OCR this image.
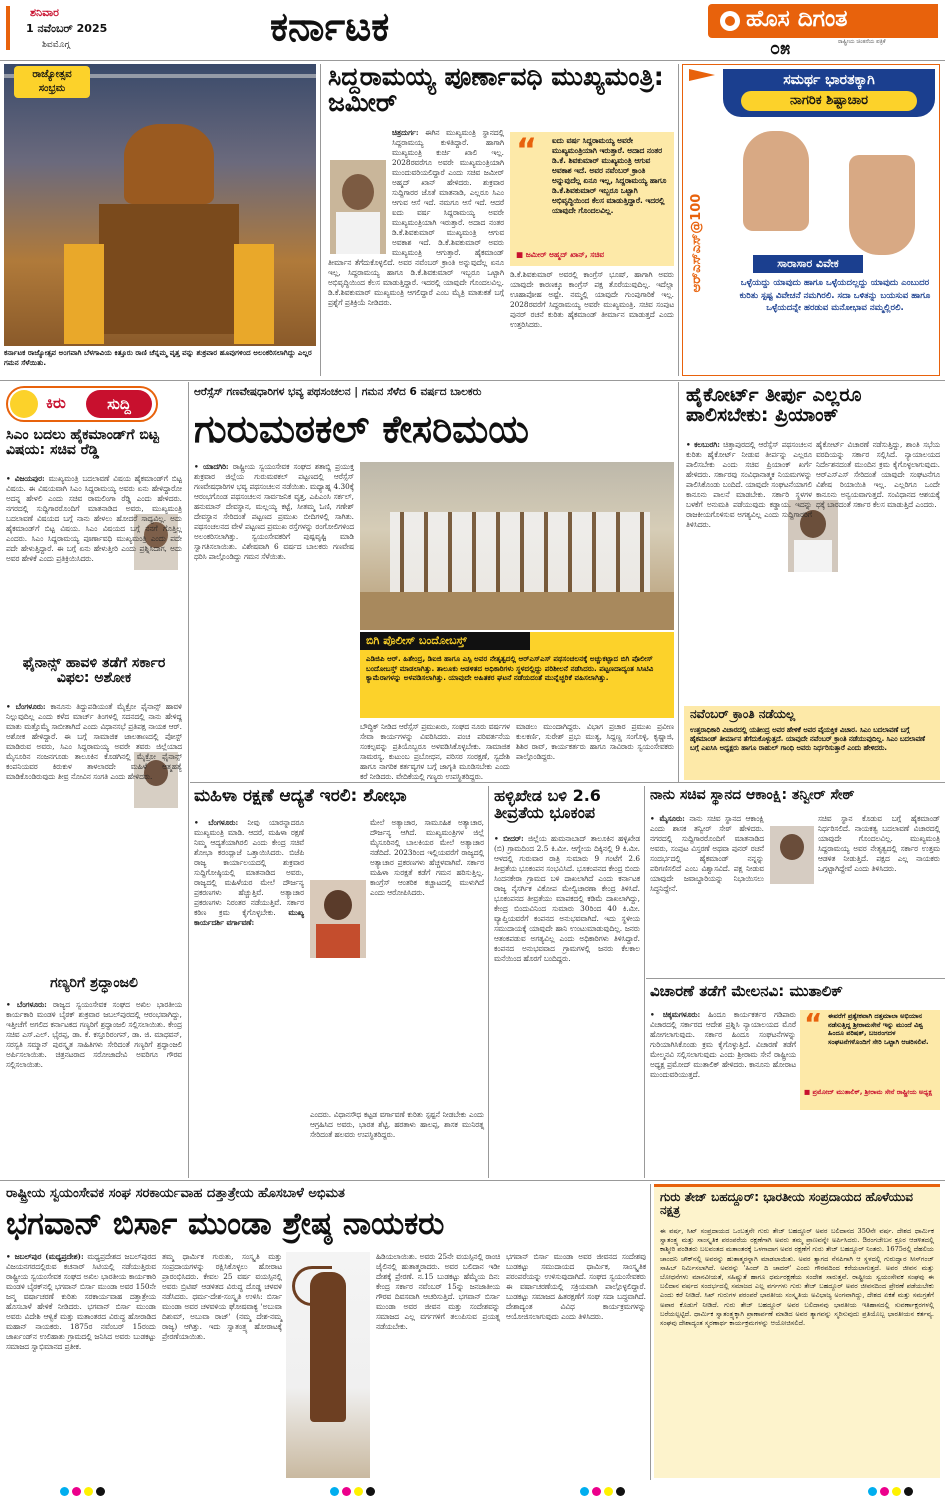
ಶನಿವಾರ
1 ನವೆಂಬರ್ 2025
ಶಿವಮೊಗ್ಗ	ಕರ್ನಾಟಕ	ಹೊಸ ದಿಗಂತ
ರಾಷ್ಟ್ರೀಯ ಚಿಂತನೆಯ ಪತ್ರಿಕೆ
೦೫
ರಾಜ್ಯೋತ್ಸವ
ಸಂಭ್ರಮ
ಕರ್ನಾಟಕ ರಾಜ್ಯೋತ್ಸವ ಅಂಗವಾಗಿ ಬೆಳಗಾವಿಯ ಕಿತ್ತೂರು ರಾಣಿ ಚೆನ್ನಮ್ಮ ವೃತ್ತ ವನ್ನು ಶುಕ್ರವಾರ ಹೂವುಗಳಿಂದ ಅಲಂಕರಿಸಲಾಗಿದ್ದು ಎಲ್ಲರ ಗಮನ ಸೆಳೆಯಿತು.
ಸಿದ್ದರಾಮಯ್ಯ ಪೂರ್ಣಾವಧಿ ಮುಖ್ಯಮಂತ್ರಿ: ಜಮೀರ್
ಚಿತ್ರದುರ್ಗ: ಈಗಿನ ಮುಖ್ಯಮಂತ್ರಿ ಸ್ಥಾನದಲ್ಲಿ ಸಿದ್ದರಾಮಯ್ಯ ಕುಳಿತಿದ್ದಾರೆ. ಹಾಗಾಗಿ ಮುಖ್ಯಮಂತ್ರಿ ಕುರ್ಚಿ ಖಾಲಿ ಇಲ್ಲ. 2028ರವರೆಗೂ ಅವರೇ ಮುಖ್ಯಮಂತ್ರಿಯಾಗಿ ಮುಂದುವರಿಯಲಿದ್ದಾರೆ ಎಂದು ಸಚಿವ ಜಮೀರ್ ಅಹ್ಮದ್ ಖಾನ್ ಹೇಳಿದರು. ಶುಕ್ರವಾರ ಸುದ್ದಿಗಾರರ ಜೊತೆ ಮಾತನಾಡಿ, ಎಲ್ಲರೂ ಸಿಎಂ ಆಗುವ ಆಸೆ ಇದೆ. ನಮಗೂ ಆಸೆ ಇದೆ. ಆದರೆ ಐದು ವರ್ಷ ಸಿದ್ದರಾಮಯ್ಯ ಅವರೇ ಮುಖ್ಯಮಂತ್ರಿಯಾಗಿ ಇರುತ್ತಾರೆ. ಅದಾದ ನಂತರ ಡಿ.ಕೆ.ಶಿವಕುಮಾರ್ ಮುಖ್ಯಮಂತ್ರಿ ಆಗುವ ಅವಕಾಶ ಇದೆ. ಡಿ.ಕೆ.ಶಿವಕುಮಾರ್ ಅವರು ಮುಖ್ಯಮಂತ್ರಿ ಆಗುತ್ತಾರೆ. ಹೈಕಮಾಂಡ್ ತೀರ್ಮಾನ ತೆಗೆದುಕೊಳ್ಳಲಿದೆ. ಅವರ ನವೆಂಬರ್ ಕ್ರಾಂತಿ ಅನ್ನುವುದೆಲ್ಲ ಏನೂ ಇಲ್ಲ, ಸಿದ್ದರಾಮಯ್ಯ ಹಾಗೂ ಡಿ.ಕೆ.ಶಿವಕುಮಾರ್ ಇಬ್ಬರೂ ಒಟ್ಟಾಗಿ ಅಭಿವೃದ್ಧಿಯಿಂದ ಕೆಲಸ ಮಾಡುತ್ತಿದ್ದಾರೆ. ಇದರಲ್ಲಿ ಯಾವುದೇ ಗೊಂದಲವಿಲ್ಲ. ಡಿ.ಕೆ.ಶಿವಕುಮಾರ್ ಮುಖ್ಯಮಂತ್ರಿ ಆಗಲಿದ್ದಾರೆ ಎಂಬ ಮೈತ್ರಿ ಮಾತುಕತೆ ಬಗ್ಗೆ ಪ್ರಶ್ನೆಗೆ ಪ್ರತಿಕ್ರಿಯೆ ನೀಡಿದರು.
“	ಐದು ವರ್ಷ ಸಿದ್ದರಾಮಯ್ಯ ಅವರೇ ಮುಖ್ಯಮಂತ್ರಿಯಾಗಿ ಇರುತ್ತಾರೆ. ಅದಾದ ನಂತರ ಡಿ.ಕೆ. ಶಿವಕುಮಾರ್ ಮುಖ್ಯಮಂತ್ರಿ ಆಗುವ ಅವಕಾಶ ಇದೆ. ಅವರ ನವೆಂಬರ್ ಕ್ರಾಂತಿ ಅನ್ನುವುದೆಲ್ಲ ಏನೂ ಇಲ್ಲ, ಸಿದ್ದರಾಮಯ್ಯ ಹಾಗೂ ಡಿ.ಕೆ.ಶಿವಕುಮಾರ್ ಇಬ್ಬರೂ ಒಟ್ಟಾಗಿ ಅಭಿವೃದ್ಧಿಯಿಂದ ಕೆಲಸ ಮಾಡುತ್ತಿದ್ದಾರೆ. ಇದರಲ್ಲಿ ಯಾವುದೇ ಗೊಂದಲವಿಲ್ಲ.
■ ಜಮೀರ್ ಅಹ್ಮದ್ ಖಾನ್, ಸಚಿವ
ಡಿ.ಕೆ.ಶಿವಕುಮಾರ್ ಅವರಲ್ಲಿ ಕಾಂಗ್ರೆಸ್ ಭೂಷ್, ಹಾಗಾಗಿ ಅವರು ಯಾವುದೇ ಕಾರಣಕ್ಕೂ ಕಾಂಗ್ರೆಸ್ ಪಕ್ಷ ತೊರೆಯುವುದಿಲ್ಲ. ಇದೆಲ್ಲಾ ಊಹಾಪೋಹ ಅಷ್ಟೇ. ನಮ್ಮಲ್ಲಿ ಯಾವುದೇ ಗುಂಪುಗಾರಿಕೆ ಇಲ್ಲ. 2028ರವರೆಗೆ ಸಿದ್ದರಾಮಯ್ಯ ಅವರೇ ಮುಖ್ಯಮಂತ್ರಿ. ಸಚಿವ ಸಂಪುಟ ಪುನರ್ ರಚನೆ ಕುರಿತು ಹೈಕಮಾಂಡ್ ತೀರ್ಮಾನ ಮಾಡುತ್ತದೆ ಎಂದು ಉತ್ತರಿಸಿದರು.
ಸಮರ್ಥ ಭಾರತಕ್ಕಾಗಿ
ನಾಗರಿಕ ಶಿಷ್ಟಾಚಾರ
ಆರ್‌ಎಸ್‌ಎಸ್@100	ಸಾರಾಸಾರ ವಿವೇಕ
ಒಳ್ಳೆಯದ್ದು ಯಾವುದು ಹಾಗೂ ಒಳ್ಳೆಯದಲ್ಲದ್ದು ಯಾವುದು ಎಂಬುದರ ಕುರಿತು ಸ್ಪಷ್ಟ ವಿವೇಚನೆ ನಮಗಿರಲಿ. ಸದಾ ಒಳಿತನ್ನು ಬಯಸುವ ಹಾಗೂ ಒಳ್ಳೆಯದನ್ನೇ ಹರಡುವ ಮನೋಭಾವ ನಮ್ಮಲ್ಲಿರಲಿ.
ಕಿರು	ಸುದ್ದಿ
ಸಿಎಂ ಬದಲು ಹೈಕಮಾಂಡ್‌ಗೆ ಬಿಟ್ಟ ವಿಷಯ: ಸಚಿವ ರೆಡ್ಡಿ
• ವಿಜಯಪುರ: ಮುಖ್ಯಮಂತ್ರಿ ಬದಲಾವಣೆ ವಿಷಯ ಹೈಕಮಾಂಡ್‌ಗೆ ಬಿಟ್ಟ ವಿಷಯ. ಈ ವಿಷಯವಾಗಿ ಸಿಎಂ ಸಿದ್ದರಾಮಯ್ಯ ಅವರು ಏನು ಹೇಳಿದ್ದಾರೋ ಅದನ್ನ ಹೇಳಲಿ ಎಂದು ಸಚಿವ ರಾಮಲಿಂಗಾ ರೆಡ್ಡಿ ಎಂದು ಹೇಳಿದರು. ನಗರದಲ್ಲಿ ಸುದ್ದಿಗಾರರೊಂದಿಗೆ ಮಾತನಾಡಿದ ಅವರು, ಮುಖ್ಯಮಂತ್ರಿ ಬದಲಾವಣೆ ವಿಷಯದ ಬಗ್ಗೆ ನಾನು ಹೇಳಲು ಹೋದರೆ ಸಾಧ್ಯವಿಲ್ಲ. ಅದು ಹೈಕಮಾಂಡ್‌ಗೆ ಬಿಟ್ಟ ವಿಷಯ. ಸಿಎಂ ವಿಷಯದ ಬಗ್ಗೆ ನನಗೆ ಗೊತ್ತಿಲ್ಲ ಎಂದರು. ಸಿಎಂ ಸಿದ್ದರಾಮಯ್ಯ ಪೂರ್ಣಾವಧಿ ಮುಖ್ಯಮಂತ್ರಿ ಎಂದು ಪದೇ ಪದೇ ಹೇಳುತ್ತಿದ್ದಾರೆ. ಈ ಬಗ್ಗೆ ಏನು ಹೇಳುತ್ತೀರಿ ಎಂದು ಪ್ರಶ್ನಿಸಿದಾಗ, ಅದು ಅವರ ಹೇಳಿಕೆ ಎಂದು ಪ್ರತಿಕ್ರಿಯಿಸಿದರು.
ಫೈನಾನ್ಸ್ ಹಾವಳಿ ತಡೆಗೆ ಸರ್ಕಾರ ವಿಫಲ: ಅಶೋಕ
• ಬೆಂಗಳೂರು: ಕಾನೂನು ತಿದ್ದುಪಡಿಯಂತೆ ಮೈಕ್ರೋ ಫೈನಾನ್ಸ್ ಹಾವಳಿ ನಿಲ್ಲುವುದಿಲ್ಲ ಎಂದು ಕಳೆದ ಮಾರ್ಚ್ ತಿಂಗಳಲ್ಲಿ ಸದನದಲ್ಲಿ ನಾನು ಹೇಳಿದ್ದ ಮಾತು ಮತ್ತೊಮ್ಮೆ ಸಾಬೀತಾಗಿದೆ ಎಂದು ವಿಧಾನಸಭೆ ಪ್ರತಿಪಕ್ಷ ನಾಯಕ ಆರ್. ಅಶೋಕ ಹೇಳಿದ್ದಾರೆ. ಈ ಬಗ್ಗೆ ಸಾಮಾಜಿಕ ಜಾಲತಾಣದಲ್ಲಿ ಪೋಸ್ಟ್ ಮಾಡಿರುವ ಅವರು, ಸಿಎಂ ಸಿದ್ದರಾಮಯ್ಯ ಅವರೇ ತವರು ಜಿಲ್ಲೆಯಾದ ಮೈಸೂರಿನ ನಂಜನಗೂಡು ತಾಲೂಕಿನ ಕೊಡಗಿನಲ್ಲಿ ಮೈಕ್ರೋ ಫೈನಾನ್ಸ್ ಕಂಪನಿಯವರ ಕಿರುಕುಳ ತಾಳಲಾರದೇ ಮಹಿಳೆ ಆತ್ಮಹತ್ಯೆ ಮಾಡಿಕೊಂಡಿರುವುದು ತೀವ್ರ ನೋವಿನ ಸಂಗತಿ ಎಂದು ಹೇಳಿದರು.
ಗಣ್ಯರಿಗೆ ಶ್ರದ್ಧಾಂಜಲಿ
• ಬೆಂಗಳೂರು: ರಾಜ್ಯದ ಸ್ವಯಂಸೇವಕ ಸಂಘದ ಅಖಿಲ ಭಾರತೀಯ ಕಾರ್ಯಕಾರಿ ಮಂಡಳಿ ಬೈಠಕ್ ಶುಕ್ರವಾರ ಜಬಲ್‌ಪುರದಲ್ಲಿ ಆರಂಭವಾಗಿದ್ದು, ಇತ್ತೀಚೆಗೆ ಅಗಲಿದ ಕರ್ನಾಟಕದ ಗಣ್ಯರಿಗೆ ಶ್ರದ್ಧಾಂಜಲಿ ಸಲ್ಲಿಸಲಾಯಿತು. ಕೇಂದ್ರ ಸಚಿವ ಎಸ್.ಎಲ್. ಭೈರಪ್ಪ, ಡಾ. ಕೆ. ಕಸ್ತೂರಿರಂಗನ್, ಡಾ. ಜಿ. ಮಾಧವನ್, ಸರಸ್ವತಿ ಸಮ್ಮಾನ್ ಪುರಸ್ಕೃತ ಸಾಹಿತಿಗಳು ಸೇರಿದಂತೆ ಗಣ್ಯರಿಗೆ ಶ್ರದ್ಧಾಂಜಲಿ ಅರ್ಪಿಸಲಾಯಿತು. ಚಿತ್ರನಟರಾದ ಸರೋಜಾದೇವಿ ಅವರಿಗೂ ಗೌರವ ಸಲ್ಲಿಸಲಾಯಿತು.
ಆರೆಸ್ಸೆಸ್ ಗಣವೇಷಧಾರಿಗಳ ಭವ್ಯ ಪಥಸಂಚಲನ | ಗಮನ ಸೆಳೆದ 6 ವರ್ಷದ ಬಾಲಕರು
ಗುರುಮಠಕಲ್ ಕೇಸರಿಮಯ
• ಯಾದಗಿರಿ: ರಾಷ್ಟ್ರೀಯ ಸ್ವಯಂಸೇವಕ ಸಂಘದ ಶತಾಬ್ದಿ ಪ್ರಯುಕ್ತ ಶುಕ್ರವಾರ ಜಿಲ್ಲೆಯ ಗುರುಮಠಕಲ್ ಪಟ್ಟಣದಲ್ಲಿ ಆರೆಸ್ಸೆಸ್ ಗಣವೇಷಧಾರಿಗಳ ಭವ್ಯ ಪಥಸಂಚಲನ ನಡೆಯಿತು. ಮಧ್ಯಾಹ್ನ 4.30ಕ್ಕೆ ಆರಂಭಗೊಂಡ ಪಥಸಂಚಲನ ಸಾರ್ವಜನಿಕ ವೃತ್ತ, ಎಪಿಎಂಸಿ ಸರ್ಕಲ್, ಹನುಮಾನ್ ದೇವಸ್ಥಾನ, ಮಲ್ಲಯ್ಯ ಕಟ್ಟೆ, ಸೀತಮ್ಮ ಓಣಿ, ಗಣೇಶ್ ದೇವಸ್ಥಾನ ಸೇರಿದಂತೆ ಪಟ್ಟಣದ ಪ್ರಮುಖ ಬೀದಿಗಳಲ್ಲಿ ಸಾಗಿತು. ಪಥಸಂಚಲನದ ವೇಳೆ ಪಟ್ಟಣದ ಪ್ರಮುಖ ರಸ್ತೆಗಳನ್ನು ರಂಗೋಲಿಗಳಿಂದ ಅಲಂಕರಿಸಲಾಗಿತ್ತು. ಸ್ವಯಂಸೇವಕರಿಗೆ ಪುಷ್ಪವೃಷ್ಟಿ ಮಾಡಿ ಸ್ವಾಗತಿಸಲಾಯಿತು. ವಿಶೇಷವಾಗಿ 6 ವರ್ಷದ ಬಾಲಕರು ಗಣವೇಷ ಧರಿಸಿ ಪಾಲ್ಗೊಂಡಿದ್ದು ಗಮನ ಸೆಳೆಯಿತು.
ಬಿಗಿ ಪೊಲೀಸ್ ಬಂದೋಬಸ್ತ್
ಎಡಿಜಿಪಿ ಆರ್. ಹಿತೇಂದ್ರ, ಡಿಐಜಿ ಹಾಗೂ ಎಸ್ಪಿ ಅವರ ನೇತೃತ್ವದಲ್ಲಿ ಆರ್‌ಎಸ್‌ಎಸ್ ಪಥಸಂಚಲನಕ್ಕೆ ಅಚ್ಚುಕಟ್ಟಾದ ಬಿಗಿ ಪೊಲೀಸ್ ಬಂದೋಬಸ್ತ್ ಮಾಡಲಾಗಿತ್ತು. ತಾಲೂಕು ಆಡಳಿತದ ಅಧಿಕಾರಿಗಳು ಸ್ಥಳದಲ್ಲಿದ್ದು ಪರಿಶೀಲನೆ ನಡೆಸಿದರು. ಪಟ್ಟಣದಾದ್ಯಂತ ಸಿಸಿಟಿವಿ ಕ್ಯಾಮೆರಾಗಳನ್ನು ಅಳವಡಿಸಲಾಗಿತ್ತು. ಯಾವುದೇ ಅಹಿತಕರ ಘಟನೆ ನಡೆಯದಂತೆ ಮುನ್ನೆಚ್ಚರಿಕೆ ವಹಿಸಲಾಗಿತ್ತು.
ಬೌದ್ಧಿಕ್ ನೀಡಿದ ಆರೆಸ್ಸೆಸ್ ಪ್ರಮುಖರು, ಸಂಘದ ನೂರು ವರ್ಷಗಳ ಸೇವಾ ಕಾರ್ಯಗಳನ್ನು ವಿವರಿಸಿದರು. ಪಂಚ ಪರಿವರ್ತನೆಯ ಸಂಕಲ್ಪವನ್ನು ಪ್ರತಿಯೊಬ್ಬರೂ ಅಳವಡಿಸಿಕೊಳ್ಳಬೇಕು. ಸಾಮಾಜಿಕ ಸಾಮರಸ್ಯ, ಕುಟುಂಬ ಪ್ರಬೋಧನ, ಪರಿಸರ ಸಂರಕ್ಷಣೆ, ಸ್ವದೇಶಿ ಹಾಗೂ ನಾಗರಿಕ ಕರ್ತವ್ಯಗಳ ಬಗ್ಗೆ ಜಾಗೃತಿ ಮೂಡಿಸಬೇಕು ಎಂದು ಕರೆ ನೀಡಿದರು. ವೇದಿಕೆಯಲ್ಲಿ ಗಣ್ಯರು ಉಪಸ್ಥಿತರಿದ್ದರು.
ಮಾಡಲು ಮುಂದಾಗಿದ್ದರು. ವಿಭಾಗ ಪ್ರಚಾರ ಪ್ರಮುಖ ಪ್ರವೀಣ ಕುಲಕರ್ಣಿ, ಸುರೇಶ್ ಪ್ರಭು ಮುತ್ಯ, ಸಿದ್ದಣ್ಣ ಸಂಗೊಳ್ಳಿ, ಕೃಷ್ಣಾಜಿ, ಶಿಶಿರ ರಾವ್, ಕಾರ್ಯಕರ್ತರು ಹಾಗೂ ಸಾವಿರಾರು ಸ್ವಯಂಸೇವಕರು ಪಾಲ್ಗೊಂಡಿದ್ದರು.
ಹೈಕೋರ್ಟ್ ತೀರ್ಪು ಎಲ್ಲರೂ ಪಾಲಿಸಬೇಕು: ಪ್ರಿಯಾಂಕ್
• ಕಲಬುರಗಿ: ಚಿತ್ತಾಪುರದಲ್ಲಿ ಆರೆಸ್ಸೆಸ್ ಪಥಸಂಚಲನ ಕುರಿತು ಹೈಕೋರ್ಟ್ ನೀಡುವ ತೀರ್ಪನ್ನು ಎಲ್ಲರೂ ಪಾಲಿಸಬೇಕು ಎಂದು ಸಚಿವ ಪ್ರಿಯಾಂಕ್ ಖರ್ಗೆ ಹೇಳಿದರು. ಸರ್ಕಾರವು ಸಂವಿಧಾನಾತ್ಮಕ ನಿಯಮಗಳನ್ನು ಪಾಲಿಸಿಕೊಂಡು ಬಂದಿದೆ. ಯಾವುದೇ ಸಂಘಟನೆಯಾಗಲಿ ಕಾನೂನು ಪಾಲನೆ ಮಾಡಬೇಕು. ಸರ್ಕಾರಿ ಸ್ಥಳಗಳ ಬಳಕೆಗೆ ಅನುಮತಿ ಪಡೆಯುವುದು ಕಡ್ಡಾಯ. ಇದನ್ನು ರಾಜಕೀಯಗೊಳಿಸುವ ಅಗತ್ಯವಿಲ್ಲ ಎಂದು ಸುದ್ದಿಗಾರರಿಗೆ ತಿಳಿಸಿದರು.
ಹೈಕೋರ್ಟ್ ವಿಚಾರಣೆ ನಡೆಸುತ್ತಿದ್ದು, ಶಾಂತಿ ಸಭೆಯ ವರದಿಯನ್ನು ಸರ್ಕಾರ ಸಲ್ಲಿಸಿದೆ. ನ್ಯಾಯಾಲಯದ ನಿರ್ದೇಶನದಂತೆ ಮುಂದಿನ ಕ್ರಮ ಕೈಗೊಳ್ಳಲಾಗುವುದು. ಆರ್‌ಎಸ್‌ಎಸ್ ಸೇರಿದಂತೆ ಯಾವುದೇ ಸಂಘಟನೆಗೂ ವಿಶೇಷ ರಿಯಾಯಿತಿ ಇಲ್ಲ. ಎಲ್ಲರಿಗೂ ಒಂದೇ ಕಾನೂನು ಅನ್ವಯವಾಗುತ್ತದೆ. ಸಂವಿಧಾನದ ಆಶಯಕ್ಕೆ ಧಕ್ಕೆ ಬಾರದಂತೆ ಸರ್ಕಾರ ಕೆಲಸ ಮಾಡುತ್ತಿದೆ ಎಂದರು.
ನವೆಂಬರ್ ಕ್ರಾಂತಿ ನಡೆಯಲ್ಲ
ಉತ್ತರಾಧಿಕಾರಿ ವಿಚಾರದಲ್ಲಿ ಯತೀಂದ್ರ ಅವರ ಹೇಳಿಕೆ ಅವರ ವೈಯಕ್ತಿಕ ವಿಚಾರ. ಸಿಎಂ ಬದಲಾವಣೆ ಬಗ್ಗೆ ಹೈಕಮಾಂಡ್ ತೀರ್ಮಾನ ತೆಗೆದುಕೊಳ್ಳುತ್ತದೆ. ಯಾವುದೇ ನವೆಂಬರ್ ಕ್ರಾಂತಿ ನಡೆಯುವುದಿಲ್ಲ. ಸಿಎಂ ಬದಲಾವಣೆ ಬಗ್ಗೆ ಎಐಸಿಸಿ ಅಧ್ಯಕ್ಷರು ಹಾಗೂ ರಾಹುಲ್ ಗಾಂಧಿ ಅವರು ನಿರ್ಧರಿಸುತ್ತಾರೆ ಎಂದು ಹೇಳಿದರು.
ಮಹಿಳಾ ರಕ್ಷಣೆ ಆದ್ಯತೆ ಇರಲಿ: ಶೋಭಾ
• ಬೆಂಗಳೂರು: ನೀವು ಯಾರನ್ನಾದರೂ ಮುಖ್ಯಮಂತ್ರಿ ಮಾಡಿ. ಆದರೆ, ಮಹಿಳಾ ರಕ್ಷಣೆ ನಿಮ್ಮ ಆದ್ಯತೆಯಾಗಿರಲಿ ಎಂದು ಕೇಂದ್ರ ಸಚಿವೆ ಶೋಭಾ ಕರಂದ್ಲಾಜೆ ಒತ್ತಾಯಿಸಿದರು. ಬಿಜೆಪಿ ರಾಜ್ಯ ಕಾರ್ಯಾಲಯದಲ್ಲಿ ಶುಕ್ರವಾರ ಸುದ್ದಿಗೋಷ್ಠಿಯಲ್ಲಿ ಮಾತನಾಡಿದ ಅವರು, ರಾಜ್ಯದಲ್ಲಿ ಮಹಿಳೆಯರ ಮೇಲೆ ದೌರ್ಜನ್ಯ ಪ್ರಕರಣಗಳು ಹೆಚ್ಚುತ್ತಿವೆ. ಅತ್ಯಾಚಾರ ಪ್ರಕರಣಗಳು ನಿರಂತರ ನಡೆಯುತ್ತಿವೆ. ಸರ್ಕಾರ ಕಠಿಣ ಕ್ರಮ ಕೈಗೊಳ್ಳಬೇಕು. ಮುಖ್ಯ ಕಾರ್ಯದರ್ಶಿ ವರ್ಗಾವಣೆ:
ಮೇಲೆ ಅತ್ಯಾಚಾರ, ಸಾಮೂಹಿಕ ಅತ್ಯಾಚಾರ, ದೌರ್ಜನ್ಯ ಆಗಿದೆ. ಮುಖ್ಯಮಂತ್ರಿಗಳ ಜಿಲ್ಲೆ ಮೈಸೂರಿನಲ್ಲಿ ಬಾಲಕಿಯರ ಮೇಲೆ ಅತ್ಯಾಚಾರ ನಡೆದಿದೆ. 2023ರಿಂದ ಇಲ್ಲಿಯವರೆಗೆ ರಾಜ್ಯದಲ್ಲಿ ಅತ್ಯಾಚಾರ ಪ್ರಕರಣಗಳು ಹೆಚ್ಚಳವಾಗಿವೆ. ಸರ್ಕಾರ ಮಹಿಳಾ ಸುರಕ್ಷತೆ ಕಡೆಗೆ ಗಮನ ಹರಿಸುತ್ತಿಲ್ಲ. ಕಾಂಗ್ರೆಸ್ ಆಂತರಿಕ ಕಚ್ಚಾಟದಲ್ಲಿ ಮುಳುಗಿದೆ ಎಂದು ಆರೋಪಿಸಿದರು.
ಎಂದರು. ವಿಧಾನಸೌಧ ಕಟ್ಟಡ ವರ್ಗಾವಣೆ ಕುರಿತು ಸ್ಪಷ್ಟನೆ ನೀಡಬೇಕು ಎಂದು ಆಗ್ರಹಿಸಿದ ಅವರು, ಭಾರತ ಶೆಟ್ಟಿ, ಹರತಾಳು ಹಾಲಪ್ಪ, ಶಾಸಕ ಮುನಿರತ್ನ ಸೇರಿದಂತೆ ಹಲವರು ಉಪಸ್ಥಿತರಿದ್ದರು.
ಹಳ್ಳಿಖೇಡ ಬಳಿ 2.6 ತೀವ್ರತೆಯ ಭೂಕಂಪ
• ಬೀದರ್: ಜಿಲ್ಲೆಯ ಹುಮನಾಬಾದ್ ತಾಲೂಕಿನ ಹಳ್ಳಿಖೇಡ (ಬಿ) ಗ್ರಾಮದಿಂದ 2.5 ಕಿ.ಮೀ. ಆಗ್ನೇಯ ದಿಕ್ಕಿನಲ್ಲಿ 9 ಕಿ.ಮೀ. ಆಳದಲ್ಲಿ ಗುರುವಾರ ರಾತ್ರಿ ಸುಮಾರು 9 ಗಂಟೆಗೆ 2.6 ತೀವ್ರತೆಯ ಭೂಕಂಪನ ಸಂಭವಿಸಿದೆ. ಭೂಕಂಪನದ ಕೇಂದ್ರ ಬಿಂದು ಸಿಂದನಕೇರಾ ಗ್ರಾಮದ ಬಳಿ ದಾಖಲಾಗಿದೆ ಎಂದು ಕರ್ನಾಟಕ ರಾಜ್ಯ ನೈಸರ್ಗಿಕ ವಿಕೋಪ ಮೇಲ್ವಿಚಾರಣಾ ಕೇಂದ್ರ ತಿಳಿಸಿದೆ. ಭೂಕಂಪನದ ತೀವ್ರತೆಯು ಮಾಪಕದಲ್ಲಿ ಕಡಿಮೆ ದಾಖಲಾಗಿದ್ದು, ಕೇಂದ್ರ ಬಿಂದುವಿನಿಂದ ಸುಮಾರು 30ರಿಂದ 40 ಕಿ.ಮೀ. ವ್ಯಾಪ್ತಿಯವರೆಗೆ ಕಂಪನದ ಅನುಭವವಾಗಿದೆ. ಇದು ಸ್ಥಳೀಯ ಸಮುದಾಯಕ್ಕೆ ಯಾವುದೇ ಹಾನಿ ಉಂಟುಮಾಡುವುದಿಲ್ಲ. ಜನರು ಆತಂಕಪಡುವ ಅಗತ್ಯವಿಲ್ಲ ಎಂದು ಅಧಿಕಾರಿಗಳು ತಿಳಿಸಿದ್ದಾರೆ. ಕಂಪನದ ಅನುಭವವಾದ ಗ್ರಾಮಗಳಲ್ಲಿ ಜನರು ಕೆಲಕಾಲ ಮನೆಯಿಂದ ಹೊರಗೆ ಬಂದಿದ್ದರು.
ನಾನು ಸಚಿವ ಸ್ಥಾನದ ಆಕಾಂಕ್ಷಿ: ತನ್ವೀರ್ ಸೇಠ್
• ಮೈಸೂರು: ನಾನು ಸಚಿವ ಸ್ಥಾನದ ಆಕಾಂಕ್ಷಿ ಎಂದು ಶಾಸಕ ತನ್ವೀರ್ ಸೇಠ್ ಹೇಳಿದರು. ನಗರದಲ್ಲಿ ಸುದ್ದಿಗಾರರೊಂದಿಗೆ ಮಾತನಾಡಿದ ಅವರು, ಸಂಪುಟ ವಿಸ್ತರಣೆ ಅಥವಾ ಪುನರ್ ರಚನೆ ಸಂದರ್ಭದಲ್ಲಿ ಹೈಕಮಾಂಡ್ ನನ್ನನ್ನು ಪರಿಗಣಿಸಲಿದೆ ಎಂಬ ವಿಶ್ವಾಸವಿದೆ. ಪಕ್ಷ ನೀಡುವ ಯಾವುದೇ ಜವಾಬ್ದಾರಿಯನ್ನು ನಿಭಾಯಿಸಲು ಸಿದ್ಧನಿದ್ದೇನೆ.
ಸಚಿವ ಸ್ಥಾನ ಕೊಡುವ ಬಗ್ಗೆ ಹೈಕಮಾಂಡ್ ನಿರ್ಧರಿಸಲಿದೆ. ನಾಯಕತ್ವ ಬದಲಾವಣೆ ವಿಚಾರದಲ್ಲಿ ಯಾವುದೇ ಗೊಂದಲವಿಲ್ಲ. ಮುಖ್ಯಮಂತ್ರಿ ಸಿದ್ದರಾಮಯ್ಯ ಅವರ ನೇತೃತ್ವದಲ್ಲಿ ಸರ್ಕಾರ ಉತ್ತಮ ಆಡಳಿತ ನೀಡುತ್ತಿದೆ. ಪಕ್ಷದ ಎಲ್ಲ ನಾಯಕರು ಒಗ್ಗಟ್ಟಾಗಿದ್ದೇವೆ ಎಂದು ತಿಳಿಸಿದರು.
ವಿಚಾರಣೆ ತಡೆಗೆ ಮೇಲನವಿ: ಮುತಾಲಿಕ್
• ಚಿಕ್ಕಮಗಳೂರು: ಹಿಂದೂ ಕಾರ್ಯಕರ್ತರ ಗಡಿಪಾರು ವಿಚಾರದಲ್ಲಿ ಸರ್ಕಾರದ ಆದೇಶ ಪ್ರಶ್ನಿಸಿ ನ್ಯಾಯಾಲಯದ ಮೊರೆ ಹೋಗಲಾಗುವುದು. ಸರ್ಕಾರ ಹಿಂದೂ ಸಂಘಟನೆಗಳನ್ನು ಗುರಿಯಾಗಿಸಿಕೊಂಡು ಕ್ರಮ ಕೈಗೊಳ್ಳುತ್ತಿದೆ. ವಿಚಾರಣೆ ತಡೆಗೆ ಮೇಲ್ಮನವಿ ಸಲ್ಲಿಸಲಾಗುವುದು ಎಂದು ಶ್ರೀರಾಮ ಸೇನೆ ರಾಷ್ಟ್ರೀಯ ಅಧ್ಯಕ್ಷ ಪ್ರಮೋದ್ ಮುತಾಲಿಕ್ ಹೇಳಿದರು. ಕಾನೂನು ಹೋರಾಟ ಮುಂದುವರಿಯುತ್ತದೆ.
“ ಈವರೆಗೆ ಪ್ರತ್ಯೇಕವಾಗಿ ದತ್ತಮಾಲಾ ಅಭಿಯಾನ ನಡೆಸುತ್ತಿದ್ದ ಶ್ರೀರಾಮಸೇನೆ ಇನ್ನು ಮುಂದೆ ವಿಶ್ವ ಹಿಂದೂ ಪರಿಷತ್, ಬಜರಂಗದಳ ಸಂಘಟನೆಗಳೊಂದಿಗೆ ಸೇರಿ ಒಟ್ಟಾಗಿ ಆಚರಿಸಲಿವೆ.
■ ಪ್ರಮೋದ್ ಮುತಾಲಿಕ್, ಶ್ರೀರಾಮ ಸೇನೆ ರಾಷ್ಟ್ರೀಯ ಅಧ್ಯಕ್ಷ
ರಾಷ್ಟ್ರೀಯ ಸ್ವಯಂಸೇವಕ ಸಂಘ ಸರಕಾರ್ಯವಾಹ ದತ್ತಾತ್ರೇಯ ಹೊಸಬಾಳೆ ಅಭಿಮತ
ಭಗವಾನ್ ಬಿರ್ಸಾ ಮುಂಡಾ ಶ್ರೇಷ್ಠ ನಾಯಕರು
• ಜಬಲ್‌ಪುರ (ಮಧ್ಯಪ್ರದೇಶ): ಮಧ್ಯಪ್ರದೇಶದ ಜಬಲ್‌ಪುರದ ವಿಜಯನಗರದಲ್ಲಿರುವ ಕಚನಾರ್ ಸಿಟಿಯಲ್ಲಿ ನಡೆಯುತ್ತಿರುವ ರಾಷ್ಟ್ರೀಯ ಸ್ವಯಂಸೇವಕ ಸಂಘದ ಅಖಿಲ ಭಾರತೀಯ ಕಾರ್ಯಕಾರಿ ಮಂಡಳಿ ಬೈಠಕ್‌ನಲ್ಲಿ ಭಗವಾನ್ ಬಿರ್ಸಾ ಮುಂಡಾ ಅವರ 150ನೇ ಜನ್ಮ ವರ್ಷಾಚರಣೆ ಕುರಿತು ಸರಕಾರ್ಯವಾಹ ದತ್ತಾತ್ರೇಯ ಹೊಸಬಾಳೆ ಹೇಳಿಕೆ ನೀಡಿದರು. ಭಗವಾನ್ ಬಿರ್ಸಾ ಮುಂಡಾ ಅವರು ವಿದೇಶಿ ಆಳ್ವಿಕೆ ಮತ್ತು ಮತಾಂತರದ ವಿರುದ್ಧ ಹೋರಾಡಿದ ಮಹಾನ್ ನಾಯಕರು. 1875ರ ನವೆಂಬರ್ 15ರಂದು ಜಾರ್ಖಂಡ್‌ನ ಉಲಿಹಾತು ಗ್ರಾಮದಲ್ಲಿ ಜನಿಸಿದ ಅವರು ಬುಡಕಟ್ಟು ಸಮಾಜದ ಸ್ವಾಭಿಮಾನದ ಪ್ರತೀಕ.
ತಮ್ಮ ಧಾರ್ಮಿಕ ಗುರುತು, ಸಂಸ್ಕೃತಿ ಮತ್ತು ಸಂಪ್ರದಾಯಗಳನ್ನು ರಕ್ಷಿಸಿಕೊಳ್ಳಲು ಹೋರಾಟ ಪ್ರಾರಂಭಿಸಿದರು. ಕೇವಲ 25 ವರ್ಷ ವಯಸ್ಸಿನಲ್ಲಿ ಅವರು ಬ್ರಿಟಿಷ್ ಆಡಳಿತದ ವಿರುದ್ಧ ದೊಡ್ಡ ಚಳವಳಿ ನಡೆಸಿದರು. ಧರ್ಮ-ದೇಶ-ಸಂಸ್ಕೃತಿ ಉಳಿಸಿ: ಬಿರ್ಸಾ ಮುಂಡಾ ಅವರ ಚಳವಳಿಯ ಘೋಷವಾಕ್ಯ 'ಅಬುವಾ ದಿಶುಮ್, ಅಬುವಾ ರಾಜ್' (ನಮ್ಮ ದೇಶ-ನಮ್ಮ ರಾಜ್ಯ) ಆಗಿತ್ತು. ಇದು ಸ್ವಾತಂತ್ರ್ಯ ಹೋರಾಟಕ್ಕೆ ಪ್ರೇರಣೆಯಾಯಿತು.
ಹಿಡಿಯಲಾಯಿತು. ಅವರು 25ನೇ ವಯಸ್ಸಿನಲ್ಲಿ ರಾಂಚಿ ಜೈಲಿನಲ್ಲಿ ಹುತಾತ್ಮರಾದರು. ಅವರ ಬಲಿದಾನ ಇಡೀ ದೇಶಕ್ಕೆ ಪ್ರೇರಣೆ. ನ.15 ಬುಡಕಟ್ಟು ಹೆಮ್ಮೆಯ ದಿನ: ಕೇಂದ್ರ ಸರ್ಕಾರ ನವೆಂಬರ್ 15ನ್ನು ಜನಜಾತೀಯ ಗೌರವ ದಿವಸವಾಗಿ ಆಚರಿಸುತ್ತಿದೆ. ಭಗವಾನ್ ಬಿರ್ಸಾ ಮುಂಡಾ ಅವರ ಜೀವನ ಮತ್ತು ಸಂದೇಶವನ್ನು ಸಮಾಜದ ಎಲ್ಲ ವರ್ಗಗಳಿಗೆ ತಲುಪಿಸುವ ಪ್ರಯತ್ನ ನಡೆಯಬೇಕು.
ಭಗವಾನ್ ಬಿರ್ಸಾ ಮುಂಡಾ ಅವರ ಜೀವನದ ಸಂದೇಶವು ಬುಡಕಟ್ಟು ಸಮುದಾಯದ ಧಾರ್ಮಿಕ, ಸಾಂಸ್ಕೃತಿಕ ಪರಂಪರೆಯನ್ನು ಉಳಿಸುವುದಾಗಿದೆ. ಸಂಘದ ಸ್ವಯಂಸೇವಕರು ಈ ವರ್ಷಾಚರಣೆಯಲ್ಲಿ ಸಕ್ರಿಯವಾಗಿ ಪಾಲ್ಗೊಳ್ಳಲಿದ್ದಾರೆ. ಬುಡಕಟ್ಟು ಸಮಾಜದ ಹಿತರಕ್ಷಣೆಗೆ ಸಂಘ ಸದಾ ಬದ್ಧವಾಗಿದೆ. ದೇಶಾದ್ಯಂತ ವಿವಿಧ ಕಾರ್ಯಕ್ರಮಗಳನ್ನು ಆಯೋಜಿಸಲಾಗುವುದು ಎಂದು ತಿಳಿಸಿದರು.
ಗುರು ತೇಜ್ ಬಹದ್ದೂರ್: ಭಾರತೀಯ ಸಂಪ್ರದಾಯದ ಹೊಳೆಯುವ ನಕ್ಷತ್ರ
ಈ ವರ್ಷ, ಸಿಖ್ ಸಂಪ್ರದಾಯದ ಒಂಬತ್ತನೇ ಗುರು ತೇಜ್ ಬಹದ್ದೂರ್ ಅವರ ಬಲಿದಾನದ 350ನೇ ವರ್ಷ. ದೇಶದ ಧಾರ್ಮಿಕ ಸ್ವಾತಂತ್ರ್ಯ ಮತ್ತು ಸಾಂಸ್ಕೃತಿಕ ಪರಂಪರೆಯ ರಕ್ಷಣೆಗಾಗಿ ಅವರು ತಮ್ಮ ಪ್ರಾಣವನ್ನೇ ಅರ್ಪಿಸಿದರು. ಔರಂಗಜೇಬನ ಕ್ರೂರ ಆಡಳಿತದಲ್ಲಿ ಕಾಶ್ಮೀರಿ ಪಂಡಿತರು ಬಲವಂತದ ಮತಾಂತರಕ್ಕೆ ಒಳಗಾದಾಗ ಅವರ ರಕ್ಷಣೆಗೆ ಗುರು ತೇಜ್ ಬಹದ್ದೂರ್ ನಿಂತರು. 1675ರಲ್ಲಿ ದೆಹಲಿಯ ಚಾಂದನಿ ಚೌಕ್‌ನಲ್ಲಿ ಅವರನ್ನು ಹುತಾತ್ಮರನ್ನಾಗಿ ಮಾಡಲಾಯಿತು. ಅವರ ತ್ಯಾಗದ ನೆನಪಿಗಾಗಿ ಆ ಸ್ಥಳದಲ್ಲಿ ಗುರುದ್ವಾರ ಸೀಸ್‌ಗಂಜ್ ಸಾಹಿಬ್ ನಿರ್ಮಿಸಲಾಗಿದೆ. ಅವರನ್ನು 'ಹಿಂದ್ ದಿ ಚಾದರ್' ಎಂದು ಗೌರವದಿಂದ ಕರೆಯಲಾಗುತ್ತದೆ. ಅವರ ಜೀವನ ಮತ್ತು ಬೋಧನೆಗಳು ಮಾನವೀಯತೆ, ಸಹಿಷ್ಣುತೆ ಹಾಗೂ ಧರ್ಮರಕ್ಷಣೆಯ ಸಂದೇಶ ಸಾರುತ್ತವೆ. ರಾಷ್ಟ್ರೀಯ ಸ್ವಯಂಸೇವಕ ಸಂಘವು ಈ ಬಲಿದಾನ ವರ್ಷದ ಸಂದರ್ಭದಲ್ಲಿ ಸಮಾಜದ ಎಲ್ಲ ವರ್ಗಗಳು ಗುರು ತೇಜ್ ಬಹದ್ದೂರ್ ಅವರ ಜೀವನದಿಂದ ಪ್ರೇರಣೆ ಪಡೆಯಬೇಕು ಎಂದು ಕರೆ ನೀಡಿದೆ. ಸಿಖ್ ಗುರುಗಳ ಪರಂಪರೆ ಭಾರತೀಯ ಸಂಸ್ಕೃತಿಯ ಅವಿಭಾಜ್ಯ ಅಂಗವಾಗಿದ್ದು, ದೇಶದ ಏಕತೆ ಮತ್ತು ಸಮಗ್ರತೆಗೆ ಅಪಾರ ಕೊಡುಗೆ ನೀಡಿದೆ. ಗುರು ತೇಜ್ ಬಹದ್ದೂರ್ ಅವರ ಬಲಿದಾನವು ಭಾರತೀಯ ಇತಿಹಾಸದಲ್ಲಿ ಸುವರ್ಣಾಕ್ಷರಗಳಲ್ಲಿ ಬರೆಯಲ್ಪಟ್ಟಿದೆ. ಧಾರ್ಮಿಕ ಸ್ವಾತಂತ್ರ್ಯಕ್ಕಾಗಿ ಪ್ರಾಣಾರ್ಪಣೆ ಮಾಡಿದ ಅವರ ತ್ಯಾಗವನ್ನು ಸ್ಮರಿಸುವುದು ಪ್ರತಿಯೊಬ್ಬ ಭಾರತೀಯನ ಕರ್ತವ್ಯ. ಸಂಘವು ದೇಶಾದ್ಯಂತ ಸ್ಮರಣಾರ್ಥ ಕಾರ್ಯಕ್ರಮಗಳನ್ನು ಆಯೋಜಿಸಲಿದೆ.
